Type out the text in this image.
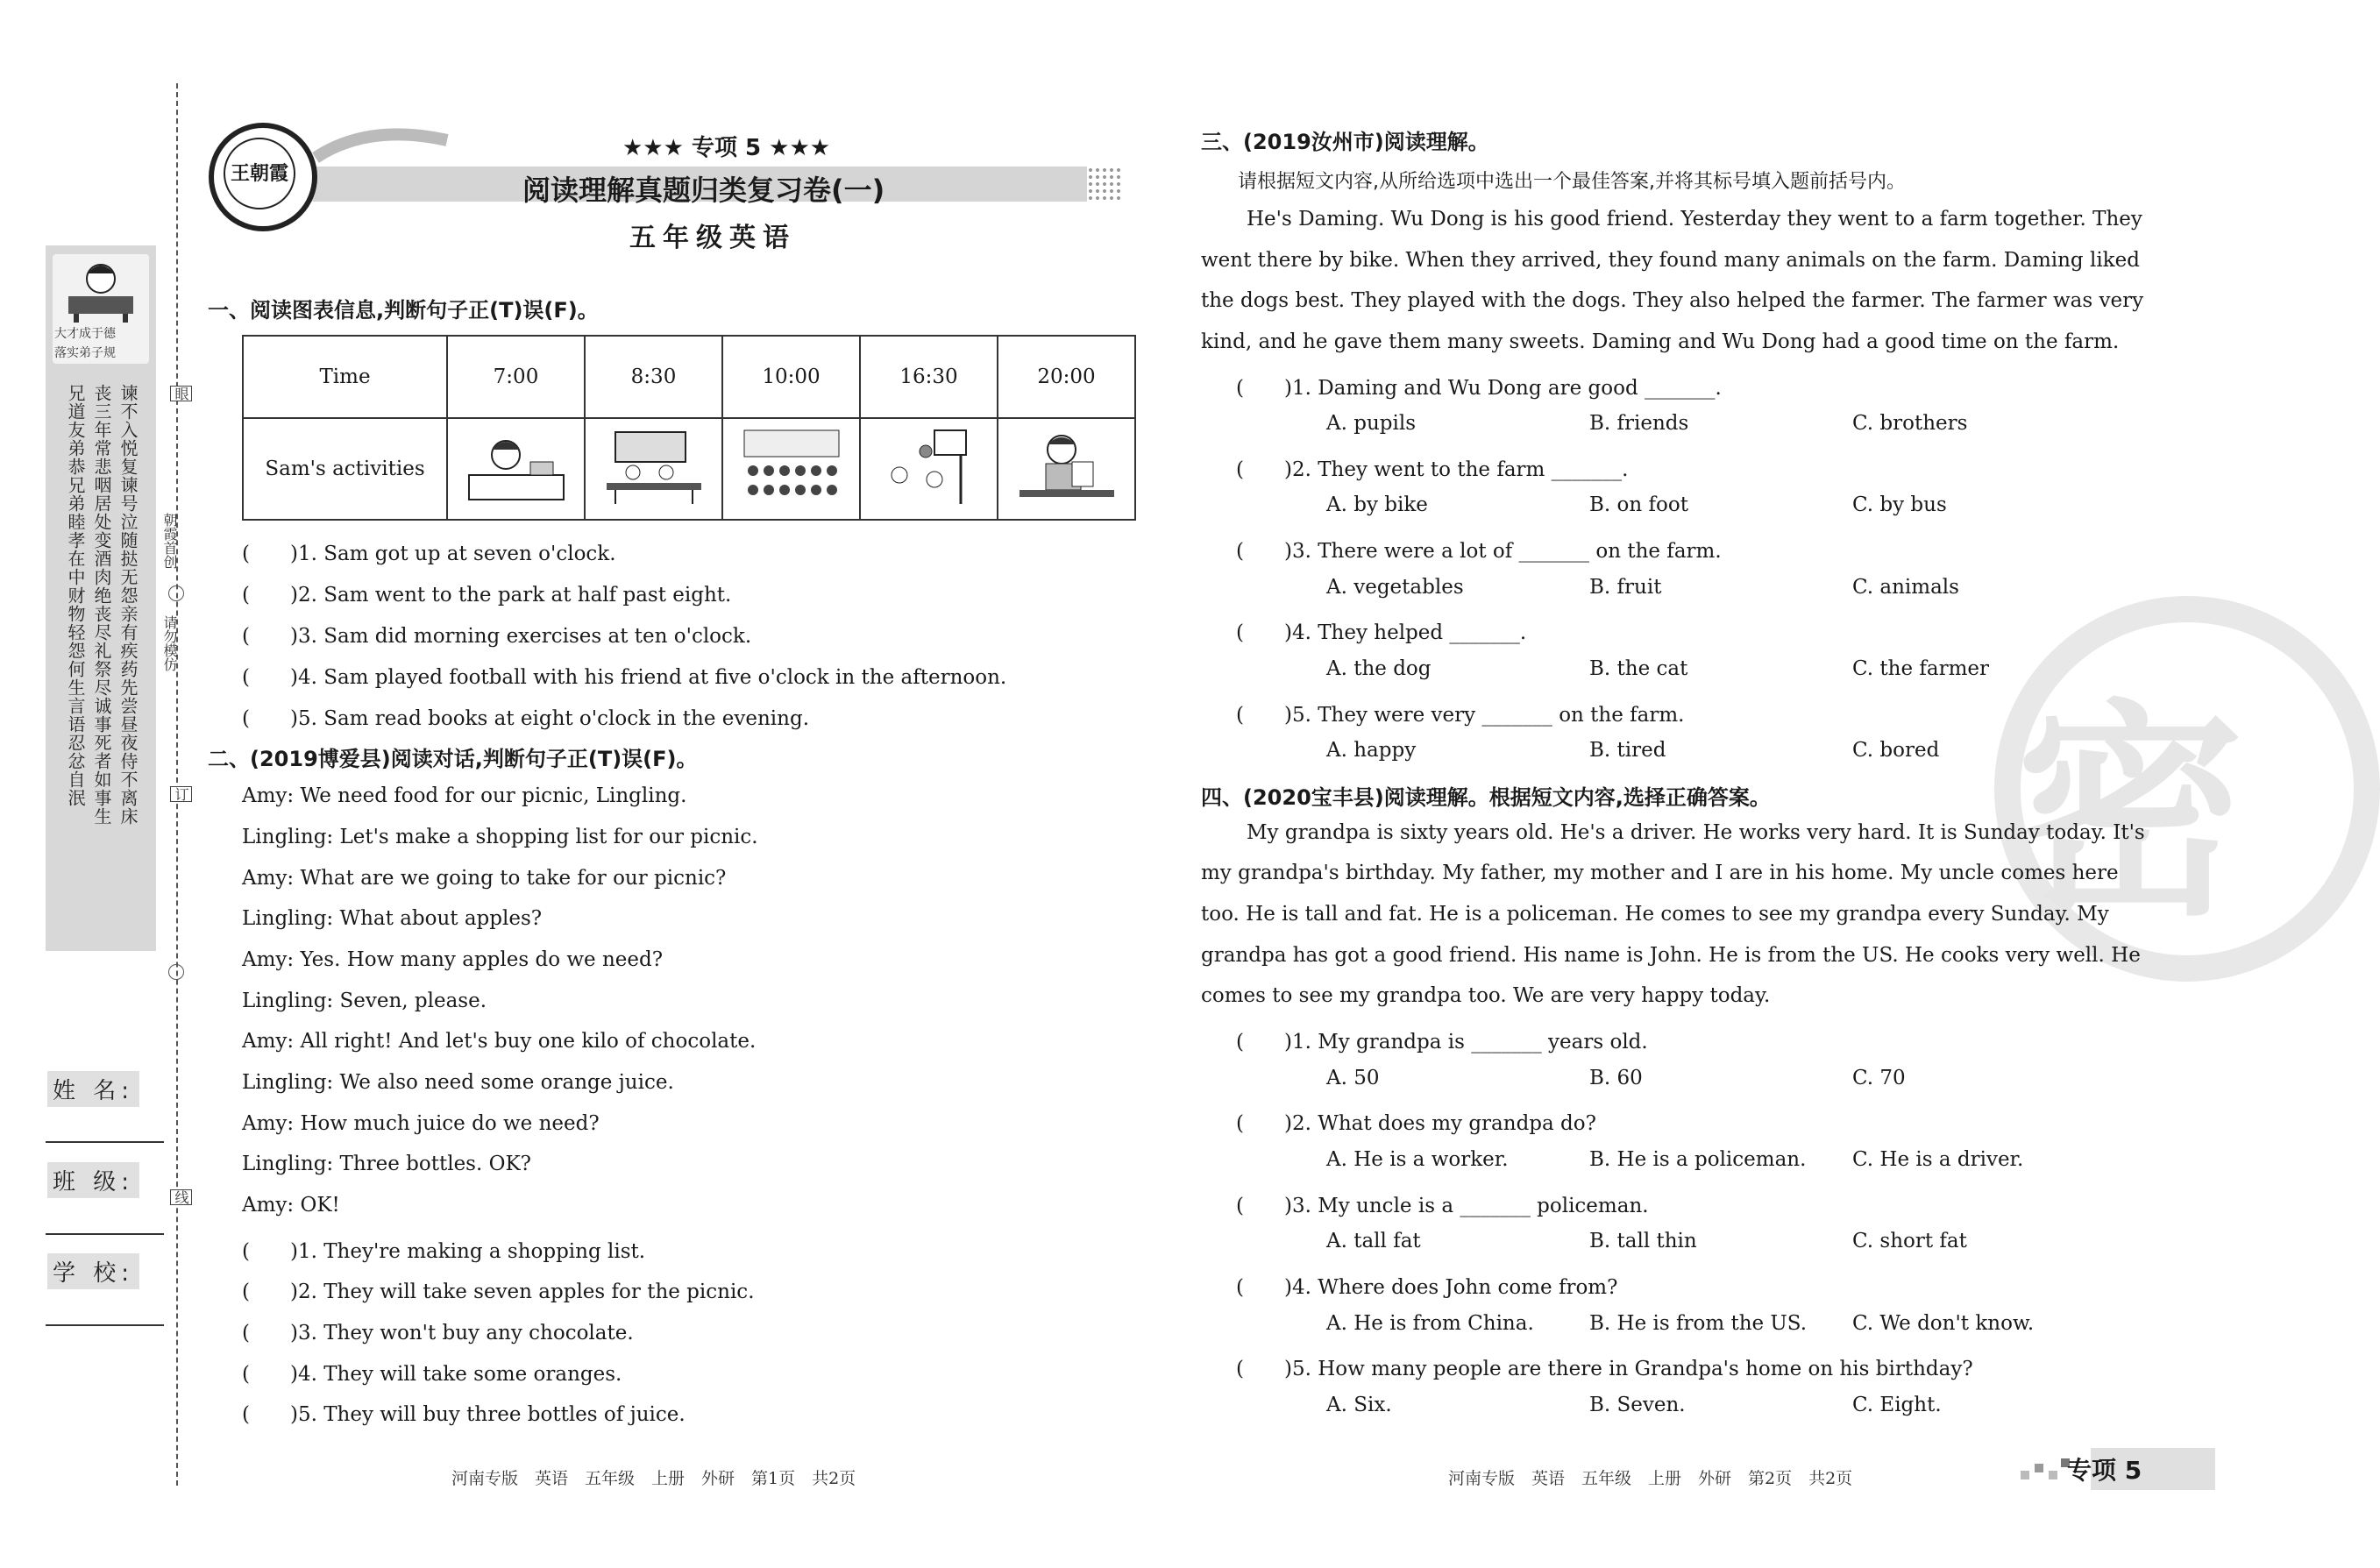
大才成于德
落实弟子规
谏不入悦复谏号泣随挞无怨亲有疾药先尝昼夜侍不离床
丧三年常悲咽居处变酒肉绝丧尽礼祭尽诚事死者如事生
兄道友弟恭兄弟睦孝在中财物轻怨何生言语忍忿自泯	眼
朝霞首创
请勿模仿
订
线
姓 名:
班 级:
学 校:
王朝霞
★★★ 专项 5 ★★★
阅读理解真题归类复习卷(一)
五年级英语
一、阅读图表信息,判断句子正(T)误(F)。
Time	7:00	8:30	10:00	16:30	20:00
Sam's activities					
(　　)1. Sam got up at seven o'clock.
(　　)2. Sam went to the park at half past eight.
(　　)3. Sam did morning exercises at ten o'clock.
(　　)4. Sam played football with his friend at five o'clock in the afternoon.
(　　)5. Sam read books at eight o'clock in the evening.
二、(2019博爱县)阅读对话,判断句子正(T)误(F)。
Amy: We need food for our picnic, Lingling.
Lingling: Let's make a shopping list for our picnic.
Amy: What are we going to take for our picnic?
Lingling: What about apples?
Amy: Yes. How many apples do we need?
Lingling: Seven, please.
Amy: All right! And let's buy one kilo of chocolate.
Lingling: We also need some orange juice.
Amy: How much juice do we need?
Lingling: Three bottles. OK?
Amy: OK!
(　　)1. They're making a shopping list.
(　　)2. They will take seven apples for the picnic.
(　　)3. They won't buy any chocolate.
(　　)4. They will take some oranges.
(　　)5. They will buy three bottles of juice.
河南专版　英语　五年级　上册　外研　第1页　共2页
密
三、(2019汝州市)阅读理解。
请根据短文内容,从所给选项中选出一个最佳答案,并将其标号填入题前括号内。
He's Daming. Wu Dong is his good friend. Yesterday they went to a farm together. They
went there by bike. When they arrived, they found many animals on the farm. Daming liked
the dogs best. They played with the dogs. They also helped the farmer. The farmer was very
kind, and he gave them many sweets. Daming and Wu Dong had a good time on the farm.
(　　)1. Daming and Wu Dong are good _______.
A. pupils	B. friends	C. brothers
(　　)2. They went to the farm _______.
A. by bike	B. on foot	C. by bus
(　　)3. There were a lot of _______ on the farm.
A. vegetables	B. fruit	C. animals
(　　)4. They helped _______.
A. the dog	B. the cat	C. the farmer
(　　)5. They were very _______ on the farm.
A. happy	B. tired	C. bored
四、(2020宝丰县)阅读理解。根据短文内容,选择正确答案。
My grandpa is sixty years old. He's a driver. He works very hard. It is Sunday today. It's
my grandpa's birthday. My father, my mother and I are in his home. My uncle comes here
too. He is tall and fat. He is a policeman. He comes to see my grandpa every Sunday. My
grandpa has got a good friend. His name is John. He is from the US. He cooks very well. He
comes to see my grandpa too. We are very happy today.
(　　)1. My grandpa is _______ years old.
A. 50	B. 60	C. 70
(　　)2. What does my grandpa do?
A. He is a worker.	B. He is a policeman. C. He is a driver.
(　　)3. My uncle is a _______ policeman.
A. tall fat	B. tall thin	C. short fat
(　　)4. Where does John come from?
A. He is from China.	B. He is from the US. C. We don't know.
(　　)5. How many people are there in Grandpa's home on his birthday?
A. Six.	B. Seven.	C. Eight.
河南专版　英语　五年级　上册　外研　第2页　共2页	专项 5
